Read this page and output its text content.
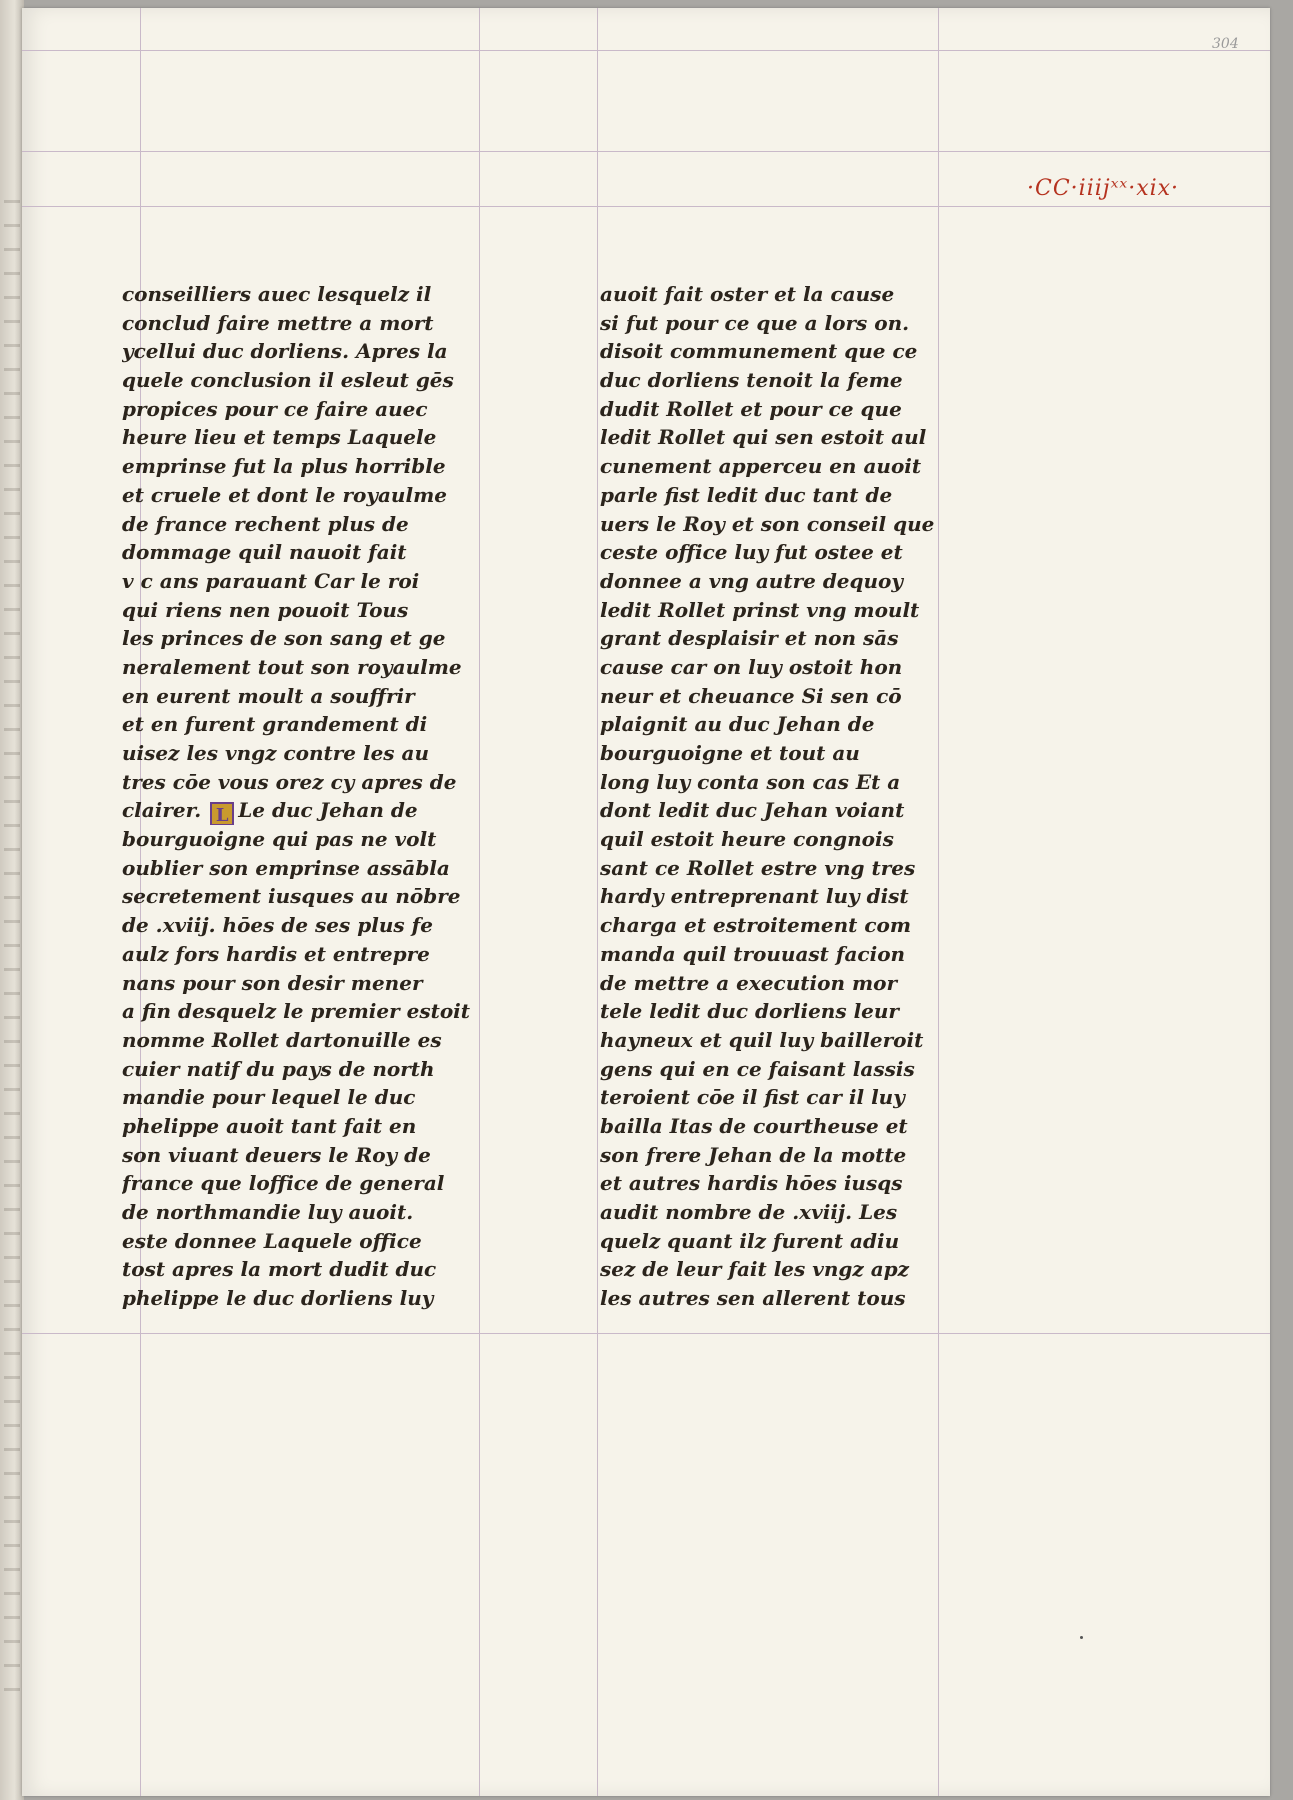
304
·CC·iiijˣˣ·xix·
conseilliers auec lesquelz il
conclud faire mettre a mort
ycellui duc dorliens. Apres la
quele conclusion il esleut gēs
propices pour ce faire auec
heure lieu et temps Laquele
emprinse fut la plus horrible
et cruele et dont le royaulme
de france rechent plus de
dommage quil nauoit fait
v c ans parauant Car le roi
qui riens nen pouoit Tous
les princes de son sang et ge
neralement tout son royaulme
en eurent moult a souffrir
et en furent grandement di
uisez les vngz contre les au
tres cōe vous orez cy apres de
clairer. L Le duc Jehan de
bourguoigne qui pas ne volt
oublier son emprinse assābla
secretement iusques au nōbre
de .xviij. hōes de ses plus fe
aulz fors hardis et entrepre
nans pour son desir mener
a fin desquelz le premier estoit
nomme Rollet dartonuille es
cuier natif du pays de north
mandie pour lequel le duc
phelippe auoit tant fait en
son viuant deuers le Roy de
france que loffice de general
de northmandie luy auoit.
este donnee Laquele office
tost apres la mort dudit duc
phelippe le duc dorliens luy
auoit fait oster et la cause
si fut pour ce que a lors on.
disoit communement que ce
duc dorliens tenoit la feme
dudit Rollet et pour ce que
ledit Rollet qui sen estoit aul
cunement apperceu en auoit
parle fist ledit duc tant de
uers le Roy et son conseil que
ceste office luy fut ostee et
donnee a vng autre dequoy
ledit Rollet prinst vng moult
grant desplaisir et non sās
cause car on luy ostoit hon
neur et cheuance Si sen cō
plaignit au duc Jehan de
bourguoigne et tout au
long luy conta son cas Et a
dont ledit duc Jehan voiant
quil estoit heure congnois
sant ce Rollet estre vng tres
hardy entreprenant luy dist
charga et estroitement com
manda quil trouuast facion
de mettre a execution mor
tele ledit duc dorliens leur
hayneux et quil luy bailleroit
gens qui en ce faisant lassis
teroient cōe il fist car il luy
bailla Itas de courtheuse et
son frere Jehan de la motte
et autres hardis hōes iusqs
audit nombre de .xviij. Les
quelz quant ilz furent adiu
sez de leur fait les vngz apz
les autres sen allerent tous
